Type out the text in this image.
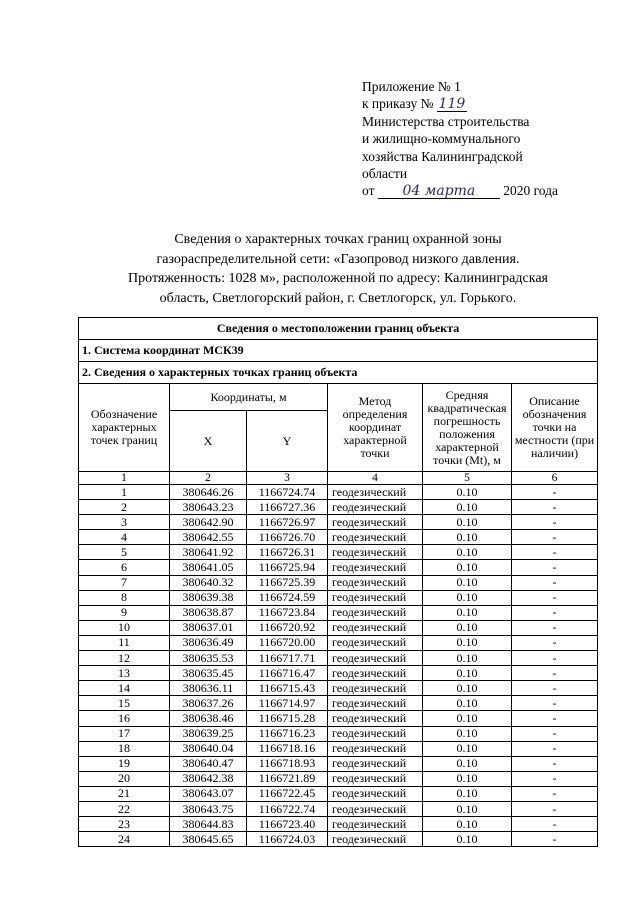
Приложение № 1
к приказу № 119
Министерства строительства
и жилищно-коммунального
хозяйства Калининградской
области
от 04 марта 2020 года
Сведения о характерных точках границ охранной зоны
газораспределительной сети: «Газопровод низкого давления.
Протяженность: 1028 м», расположенной по адресу: Калининградская
область, Светлогорский район, г. Светлогорск, ул. Горького.
Сведения о местоположении границ объекта					
1. Система координат МСК39					
2. Сведения о характерных точках границ объекта					
Обозначение характерных точек границ	Координаты, м		Метод определения координат характерной точки	Средняя квадратическая погрешность положения характерной точки (Mt), м	Описание обозначения точки на местности (при наличии)
	X	Y			
1	2	3	4	5	6
1	380646.26	1166724.74	геодезический	0.10	-
2	380643.23	1166727.36	геодезический	0.10	-
3	380642.90	1166726.97	геодезический	0.10	-
4	380642.55	1166726.70	геодезический	0.10	-
5	380641.92	1166726.31	геодезический	0.10	-
6	380641.05	1166725.94	геодезический	0.10	-
7	380640.32	1166725.39	геодезический	0.10	-
8	380639.38	1166724.59	геодезический	0.10	-
9	380638.87	1166723.84	геодезический	0.10	-
10	380637.01	1166720.92	геодезический	0.10	-
11	380636.49	1166720.00	геодезический	0.10	-
12	380635.53	1166717.71	геодезический	0.10	-
13	380635.45	1166716.47	геодезический	0.10	-
14	380636.11	1166715.43	геодезический	0.10	-
15	380637.26	1166714.97	геодезический	0.10	-
16	380638.46	1166715.28	геодезический	0.10	-
17	380639.25	1166716.23	геодезический	0.10	-
18	380640.04	1166718.16	геодезический	0.10	-
19	380640.47	1166718.93	геодезический	0.10	-
20	380642.38	1166721.89	геодезический	0.10	-
21	380643.07	1166722.45	геодезический	0.10	-
22	380643.75	1166722.74	геодезический	0.10	-
23	380644.83	1166723.40	геодезический	0.10	-
24	380645.65	1166724.03	геодезический	0.10	-
